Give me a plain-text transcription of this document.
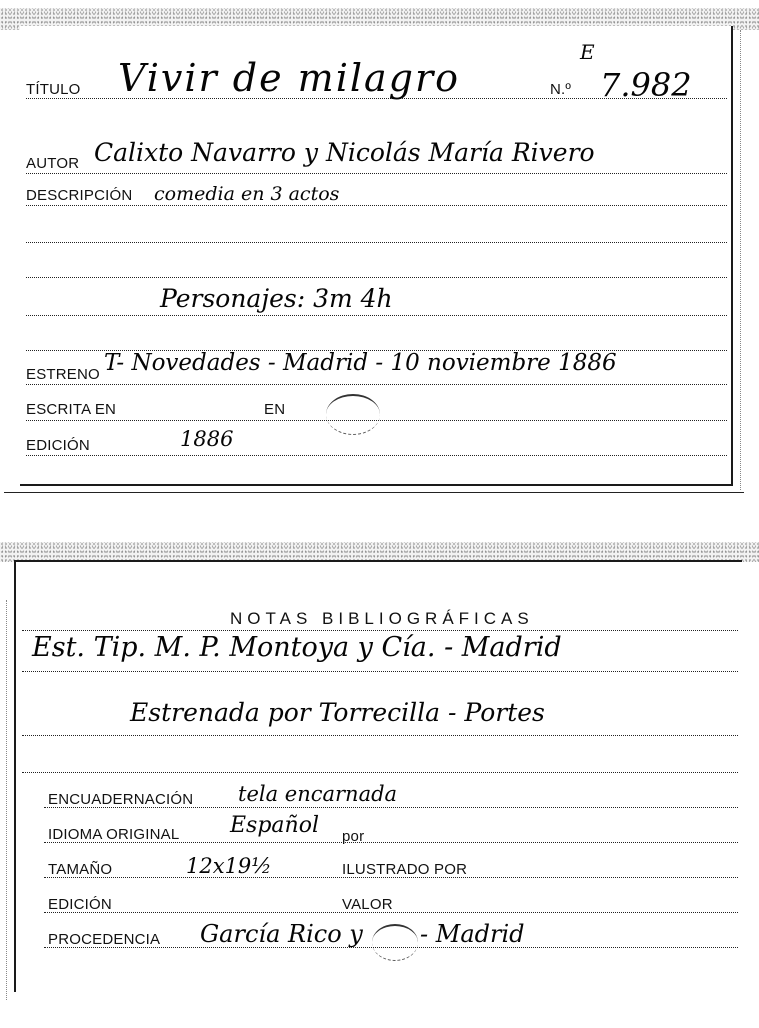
TÍTULO Vivir de milagro	N.º
E
7.982
AUTOR Calixto Navarro y Nicolás María Rivero
DESCRIPCIÓN comedia en 3 actos
Personajes: 3m 4h
ESTRENO T- Novedades - Madrid - 10 noviembre 1886
ESCRITA EN	EN
EDICIÓN	1886
NOTAS BIBLIOGRÁFICAS
Est. Tip. M. P. Montoya y Cía. - Madrid
Estrenada por Torrecilla - Portes
ENCUADERNACIÓN tela encarnada
IDIOMA ORIGINAL Español por
TAMAÑO	12x19½	ILUSTRADO POR
EDICIÓN	VALOR
PROCEDENCIA García Rico y - Madrid
